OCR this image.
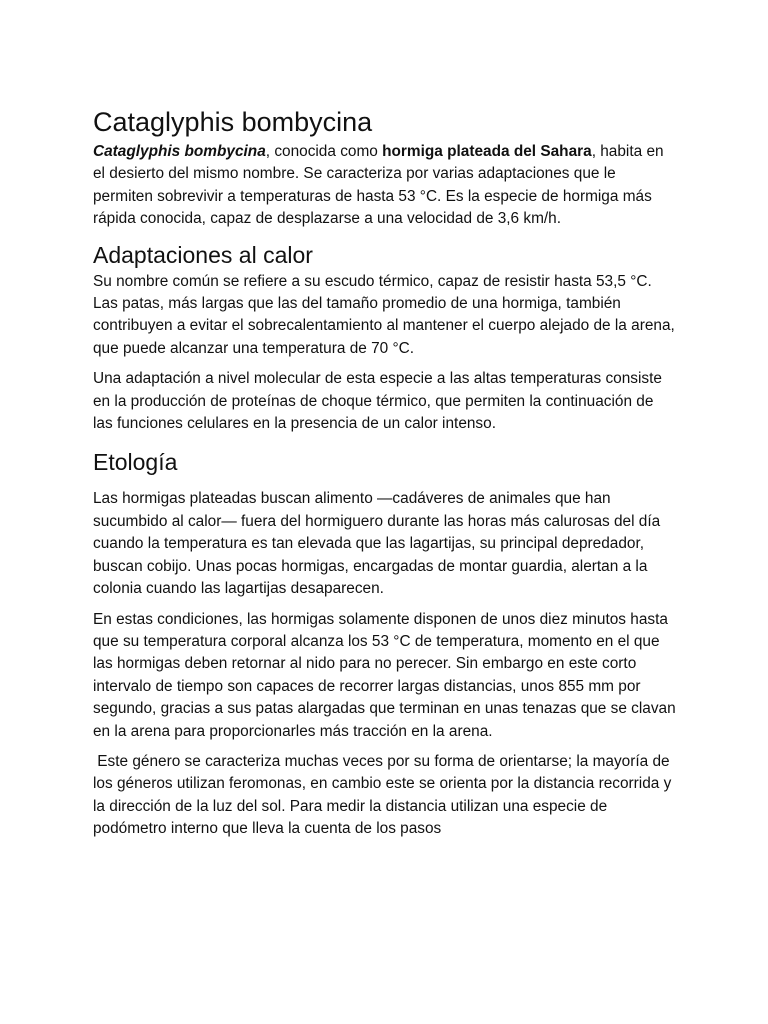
Cataglyphis bombycina

Cataglyphis bombycina, conocida como hormiga plateada del Sahara, habita en el desierto del mismo nombre. Se caracteriza por varias adaptaciones que le permiten sobrevivir a temperaturas de hasta 53 °C. Es la especie de hormiga más rápida conocida, capaz de desplazarse a una velocidad de 3,6 km/h.

Adaptaciones al calor

Su nombre común se refiere a su escudo térmico, capaz de resistir hasta 53,5 °C. Las patas, más largas que las del tamaño promedio de una hormiga, también contribuyen a evitar el sobrecalentamiento al mantener el cuerpo alejado de la arena, que puede alcanzar una temperatura de 70 °C.

Una adaptación a nivel molecular de esta especie a las altas temperaturas consiste en la producción de proteínas de choque térmico, que permiten la continuación de las funciones celulares en la presencia de un calor intenso.

Etología

Las hormigas plateadas buscan alimento —cadáveres de animales que han sucumbido al calor— fuera del hormiguero durante las horas más calurosas del día cuando la temperatura es tan elevada que las lagartijas, su principal depredador, buscan cobijo. Unas pocas hormigas, encargadas de montar guardia, alertan a la colonia cuando las lagartijas desaparecen.

En estas condiciones, las hormigas solamente disponen de unos diez minutos hasta que su temperatura corporal alcanza los 53 °C de temperatura, momento en el que las hormigas deben retornar al nido para no perecer. Sin embargo en este corto intervalo de tiempo son capaces de recorrer largas distancias, unos 855 mm por segundo, gracias a sus patas alargadas que terminan en unas tenazas que se clavan en la arena para proporcionarles más tracción en la arena.

Este género se caracteriza muchas veces por su forma de orientarse; la mayoría de los géneros utilizan feromonas, en cambio este se orienta por la distancia recorrida y la dirección de la luz del sol. Para medir la distancia utilizan una especie de podómetro interno que lleva la cuenta de los pasos
